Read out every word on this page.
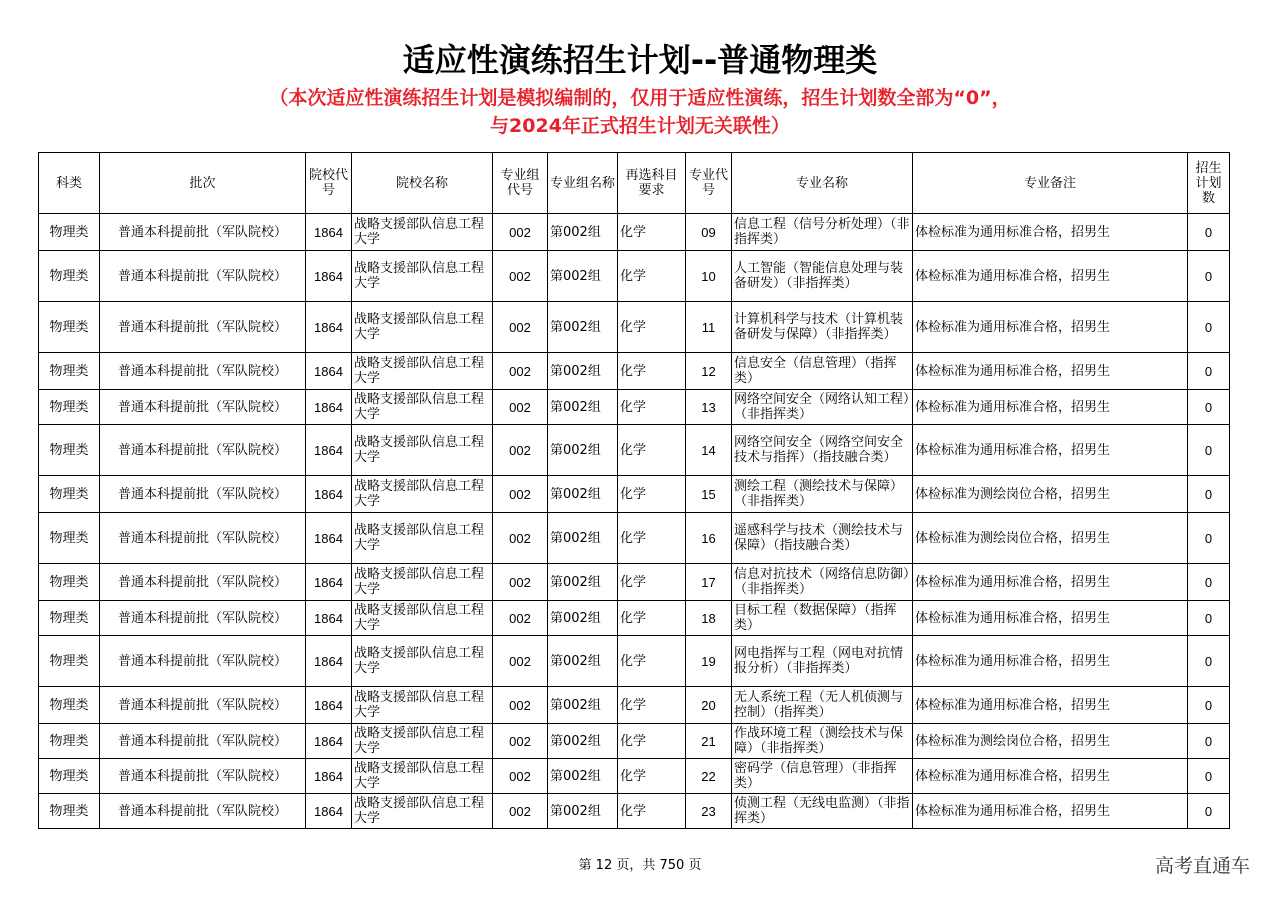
适应性演练招生计划--普通物理类
（本次适应性演练招生计划是模拟编制的，仅用于适应性演练，招生计划数全部为“0”，
与2024年正式招生计划无关联性）
科类	批次	院校代号	院校名称	专业组代号	专业组名称	再选科目要求	专业代号	专业名称	专业备注	招生计划数
物理类	普通本科提前批（军队院校）	1864	战略支援部队信息工程大学	002	第002组	化学	09	信息工程（信号分析处理）（非指挥类）	体检标准为通用标准合格，招男生	0
物理类	普通本科提前批（军队院校）	1864	战略支援部队信息工程大学	002	第002组	化学	10	人工智能（智能信息处理与装备研发）（非指挥类）	体检标准为通用标准合格，招男生	0
物理类	普通本科提前批（军队院校）	1864	战略支援部队信息工程大学	002	第002组	化学	11	计算机科学与技术（计算机装备研发与保障）（非指挥类）	体检标准为通用标准合格，招男生	0
物理类	普通本科提前批（军队院校）	1864	战略支援部队信息工程大学	002	第002组	化学	12	信息安全（信息管理）（指挥类）	体检标准为通用标准合格，招男生	0
物理类	普通本科提前批（军队院校）	1864	战略支援部队信息工程大学	002	第002组	化学	13	网络空间安全（网络认知工程）（非指挥类）	体检标准为通用标准合格，招男生	0
物理类	普通本科提前批（军队院校）	1864	战略支援部队信息工程大学	002	第002组	化学	14	网络空间安全（网络空间安全技术与指挥）（指技融合类）	体检标准为通用标准合格，招男生	0
物理类	普通本科提前批（军队院校）	1864	战略支援部队信息工程大学	002	第002组	化学	15	测绘工程（测绘技术与保障）（非指挥类）	体检标准为测绘岗位合格，招男生	0
物理类	普通本科提前批（军队院校）	1864	战略支援部队信息工程大学	002	第002组	化学	16	遥感科学与技术（测绘技术与保障）（指技融合类）	体检标准为测绘岗位合格，招男生	0
物理类	普通本科提前批（军队院校）	1864	战略支援部队信息工程大学	002	第002组	化学	17	信息对抗技术（网络信息防御）（非指挥类）	体检标准为通用标准合格，招男生	0
物理类	普通本科提前批（军队院校）	1864	战略支援部队信息工程大学	002	第002组	化学	18	目标工程（数据保障）（指挥类）	体检标准为通用标准合格，招男生	0
物理类	普通本科提前批（军队院校）	1864	战略支援部队信息工程大学	002	第002组	化学	19	网电指挥与工程（网电对抗情报分析）（非指挥类）	体检标准为通用标准合格，招男生	0
物理类	普通本科提前批（军队院校）	1864	战略支援部队信息工程大学	002	第002组	化学	20	无人系统工程（无人机侦测与控制）（指挥类）	体检标准为通用标准合格，招男生	0
物理类	普通本科提前批（军队院校）	1864	战略支援部队信息工程大学	002	第002组	化学	21	作战环境工程（测绘技术与保障）（非指挥类）	体检标准为测绘岗位合格，招男生	0
物理类	普通本科提前批（军队院校）	1864	战略支援部队信息工程大学	002	第002组	化学	22	密码学（信息管理）（非指挥类）	体检标准为通用标准合格，招男生	0
物理类	普通本科提前批（军队院校）	1864	战略支援部队信息工程大学	002	第002组	化学	23	侦测工程（无线电监测）（非指挥类）	体检标准为通用标准合格，招男生	0
第 12 页，共 750 页	高考直通车
